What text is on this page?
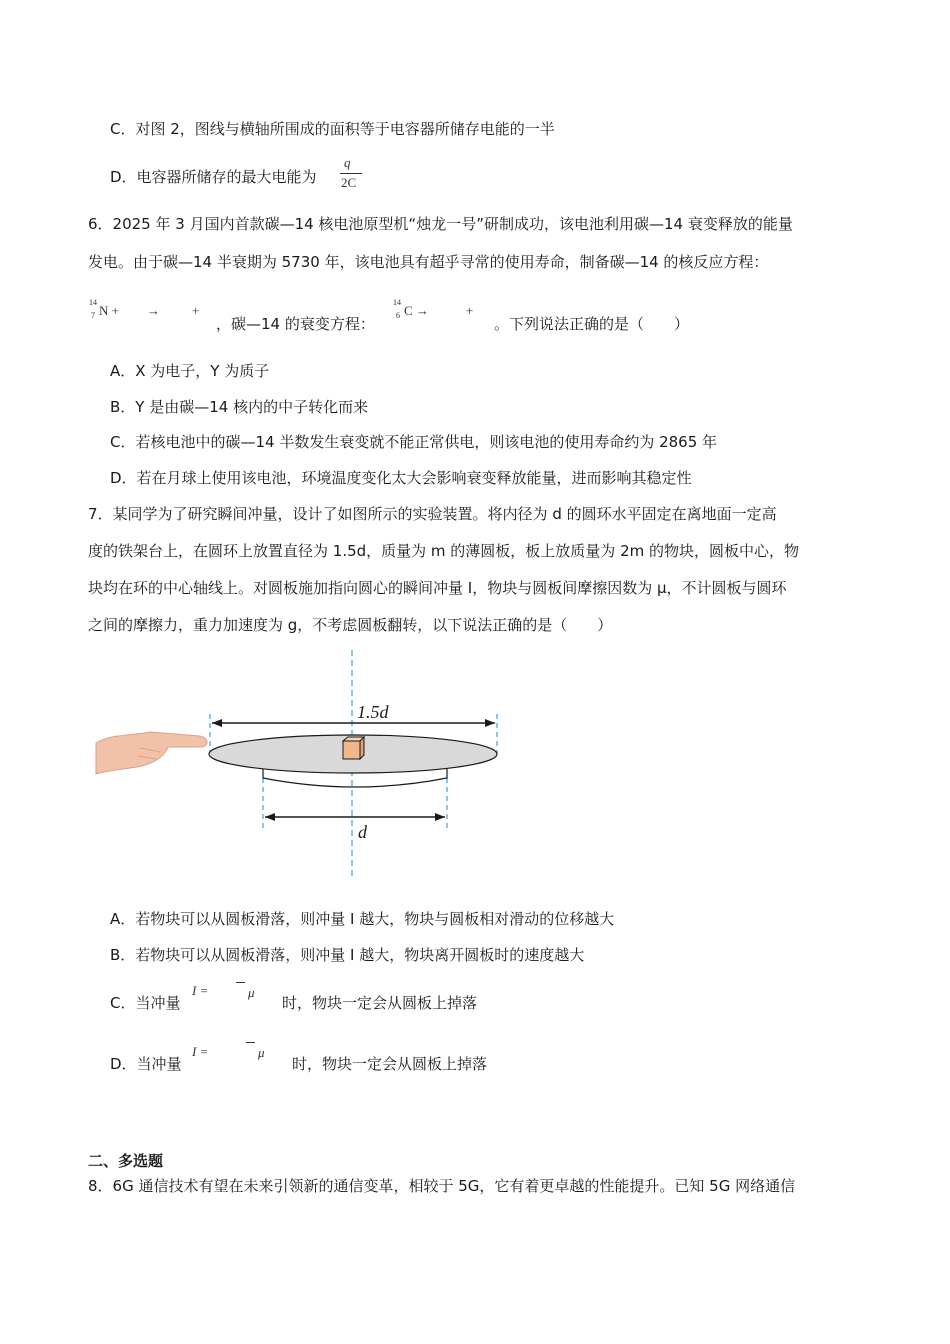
C．对图 2，图线与横轴所围成的面积等于电容器所储存电能的一半
D．电容器所储存的最大电能为
q
2C
6．2025 年 3 月国内首款碳—14 核电池原型机“烛龙一号”研制成功，该电池利用碳—14 衰变释放的能量
发电。由于碳—14 半衰期为 5730 年，该电池具有超乎寻常的使用寿命，制备碳—14 的核反应方程：
14
7 N + → +
，碳—14 的衰变方程：
14
6 C →	+
。下列说法正确的是（　　）
A．X 为电子，Y 为质子
B．Y 是由碳—14 核内的中子转化而来
C．若核电池中的碳—14 半数发生衰变就不能正常供电，则该电池的使用寿命约为 2865 年
D．若在月球上使用该电池，环境温度变化太大会影响衰变释放能量，进而影响其稳定性
7．某同学为了研究瞬间冲量，设计了如图所示的实验装置。将内径为 d 的圆环水平固定在离地面一定高
度的铁架台上，在圆环上放置直径为 1.5d，质量为 m 的薄圆板，板上放质量为 2m 的物块，圆板中心，物
块均在环的中心轴线上。对圆板施加指向圆心的瞬间冲量 I，物块与圆板间摩擦因数为 μ，不计圆板与圆环
之间的摩擦力，重力加速度为 g，不考虑圆板翻转，以下说法正确的是（　　）
1.5d
d
A．若物块可以从圆板滑落，则冲量 I 越大，物块与圆板相对滑动的位移越大
B．若物块可以从圆板滑落，则冲量 I 越大，物块离开圆板时的速度越大
C．当冲量
I =	μ
时，物块一定会从圆板上掉落
D．当冲量
I =	μ
时，物块一定会从圆板上掉落
二、多选题
8．6G 通信技术有望在未来引领新的通信变革，相较于 5G，它有着更卓越的性能提升。已知 5G 网络通信
